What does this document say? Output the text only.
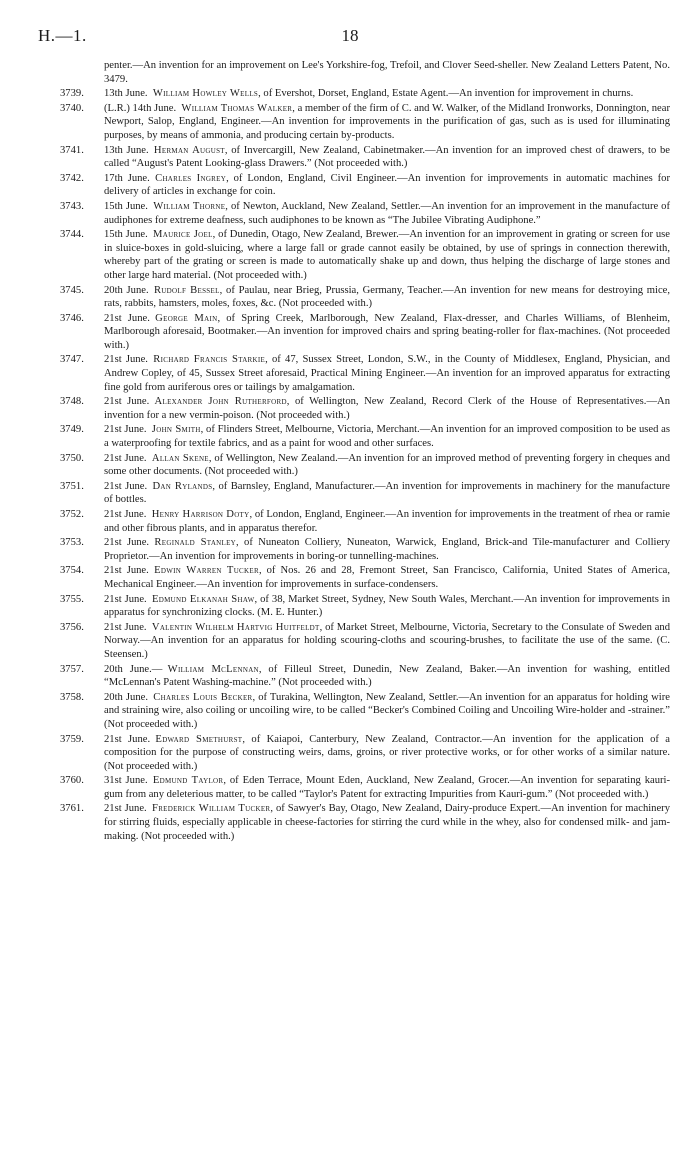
H.—1.	18
penter.—An invention for an improvement on Lee's Yorkshire-fog, Trefoil, and Clover Seed-sheller. New Zealand Letters Patent, No. 3479.
3739. 13th June.  William Howley Wells, of Evershot, Dorset, England, Estate Agent.—An invention for improvement in churns.
3740. (L.R.) 14th June.  William Thomas Walker, a member of the firm of C. and W. Walker, of the Midland Ironworks, Donnington, near Newport, Salop, England, Engineer.—An invention for improvements in the purification of gas, such as is used for illuminating purposes, by means of ammonia, and producing certain by-products.
3741. 13th June.  Herman August, of Invercargill, New Zealand, Cabinetmaker.—An invention for an improved chest of drawers, to be called “August's Patent Looking-glass Drawers.” (Not proceeded with.)
3742. 17th June.  Charles Ingrey, of London, England, Civil Engineer.—An invention for improvements in automatic machines for delivery of articles in exchange for coin.
3743. 15th June.  William Thorne, of Newton, Auckland, New Zealand, Settler.—An invention for an improvement in the manufacture of audiphones for extreme deafness, such audiphones to be known as “The Jubilee Vibrating Audiphone.”
3744. 15th June.  Maurice Joel, of Dunedin, Otago, New Zealand, Brewer.—An invention for an improvement in grating or screen for use in sluice-boxes in gold-sluicing, where a large fall or grade cannot easily be obtained, by use of springs in connection therewith, whereby part of the grating or screen is made to automatically shake up and down, thus helping the discharge of large stones and other large hard material. (Not proceeded with.)
3745. 20th June.  Rudolf Bessel, of Paulau, near Brieg, Prussia, Germany, Teacher.—An invention for new means for destroying mice, rats, rabbits, hamsters, moles, foxes, &c. (Not proceeded with.)
3746. 21st June.  George Main, of Spring Creek, Marlborough, New Zealand, Flax-dresser, and Charles Williams, of Blenheim, Marlborough aforesaid, Bootmaker.—An invention for improved chairs and spring beating-roller for flax-machines. (Not proceeded with.)
3747. 21st June.  Richard Francis Starkie, of 47, Sussex Street, London, S.W., in the County of Middlesex, England, Physician, and Andrew Copley, of 45, Sussex Street aforesaid, Practical Mining Engineer.—An invention for an improved apparatus for extracting fine gold from auriferous ores or tailings by amalgamation.
3748. 21st June.  Alexander John Rutherford, of Wellington, New Zealand, Record Clerk of the House of Representatives.—An invention for a new vermin-poison. (Not proceeded with.)
3749. 21st June.  John Smith, of Flinders Street, Melbourne, Victoria, Merchant.—An invention for an improved composition to be used as a waterproofing for textile fabrics, and as a paint for wood and other surfaces.
3750. 21st June.  Allan Skene, of Wellington, New Zealand.—An invention for an improved method of preventing forgery in cheques and some other documents. (Not proceeded with.)
3751. 21st June.  Dan Rylands, of Barnsley, England, Manufacturer.—An invention for improvements in machinery for the manufacture of bottles.
3752. 21st June.  Henry Harrison Doty, of London, England, Engineer.—An invention for improvements in the treatment of rhea or ramie and other fibrous plants, and in apparatus therefor.
3753. 21st June.  Reginald Stanley, of Nuneaton Colliery, Nuneaton, Warwick, England, Brick-and Tile-manufacturer and Colliery Proprietor.—An invention for improvements in boring-or tunnelling-machines.
3754. 21st June.  Edwin Warren Tucker, of Nos. 26 and 28, Fremont Street, San Francisco, California, United States of America, Mechanical Engineer.—An invention for improvements in surface-condensers.
3755. 21st June.  Edmund Elkanah Shaw, of 38, Market Street, Sydney, New South Wales, Merchant.—An invention for improvements in apparatus for synchronizing clocks. (M. E. Hunter.)
3756. 21st June.  Valentin Wilhelm Hartvig Huitfeldt, of Market Street, Melbourne, Victoria, Secretary to the Consulate of Sweden and Norway.—An invention for an apparatus for holding scouring-cloths and scouring-brushes, to facilitate the use of the same. (C. Steensen.)
3757. 20th June.—  William McLennan, of Filleul Street, Dunedin, New Zealand, Baker.—An invention for washing, entitled “McLennan's Patent Washing-machine.” (Not proceeded with.)
3758. 20th June.  Charles Louis Becker, of Turakina, Wellington, New Zealand, Settler.—An invention for an apparatus for holding wire and straining wire, also coiling or uncoiling wire, to be called “Becker's Combined Coiling and Uncoiling Wire-holder and -strainer.” (Not proceeded with.)
3759. 21st June.  Edward Smethurst, of Kaiapoi, Canterbury, New Zealand, Contractor.—An invention for the application of a composition for the purpose of constructing weirs, dams, groins, or river protective works, or for other works of a similar nature. (Not proceeded with.)
3760. 31st June.  Edmund Taylor, of Eden Terrace, Mount Eden, Auckland, New Zealand, Grocer.—An invention for separating kauri-gum from any deleterious matter, to be called “Taylor's Patent for extracting Impurities from Kauri-gum.” (Not proceeded with.)
3761. 21st June.  Frederick William Tucker, of Sawyer's Bay, Otago, New Zealand, Dairy-produce Expert.—An invention for machinery for stirring fluids, especially applicable in cheese-factories for stirring the curd while in the whey, also for condensed milk- and jam-making. (Not proceeded with.)
